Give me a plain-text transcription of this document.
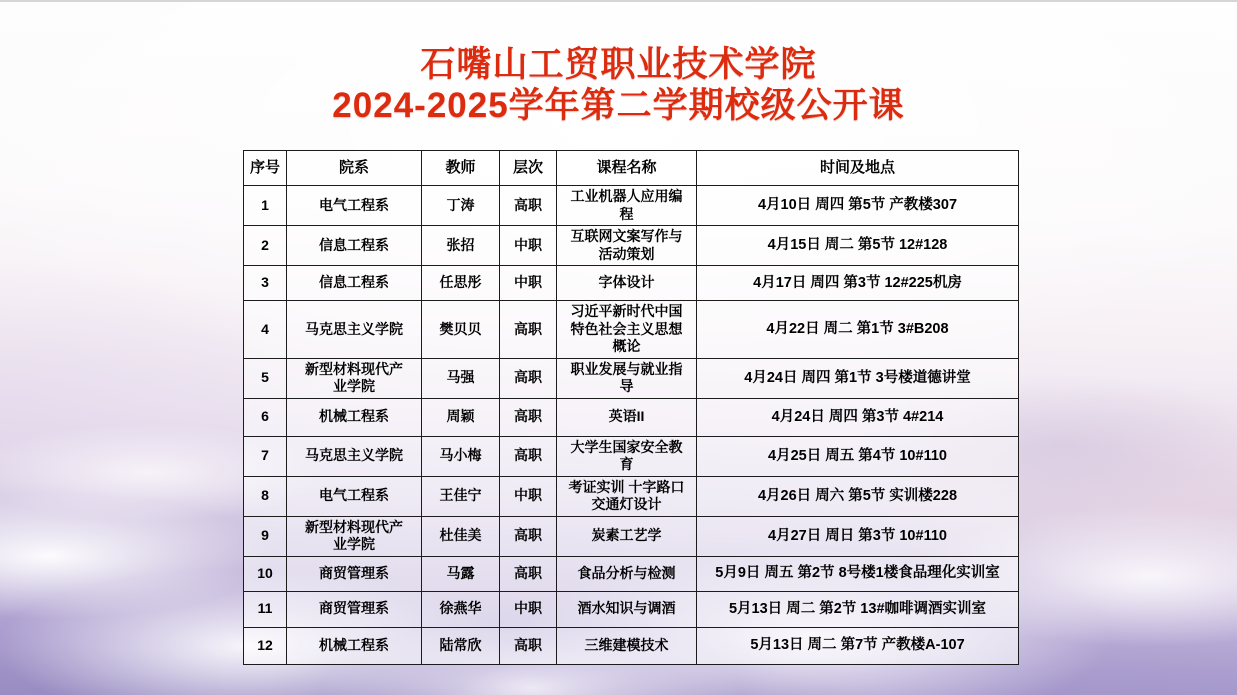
石嘴山工贸职业技术学院
2024-2025学年第二学期校级公开课
序号	院系	教师	层次	课程名称	时间及地点
1	电气工程系	丁涛	高职	工业机器人应用编程	4月10日 周四 第5节 产教楼307
2	信息工程系	张招	中职	互联网文案写作与活动策划	4月15日 周二 第5节 12#128
3	信息工程系	任思彤	中职	字体设计	4月17日 周四 第3节 12#225机房
4	马克思主义学院	樊贝贝	高职	习近平新时代中国特色社会主义思想概论	4月22日 周二 第1节 3#B208
5	新型材料现代产业学院	马强	高职	职业发展与就业指导	4月24日 周四 第1节 3号楼道德讲堂
6	机械工程系	周颖	高职	英语II	4月24日 周四 第3节 4#214
7	马克思主义学院	马小梅	高职	大学生国家安全教育	4月25日 周五 第4节 10#110
8	电气工程系	王佳宁	中职	考证实训 十字路口交通灯设计	4月26日 周六 第5节 实训楼228
9	新型材料现代产业学院	杜佳美	高职	炭素工艺学	4月27日 周日 第3节 10#110
10	商贸管理系	马露	高职	食品分析与检测	5月9日 周五 第2节 8号楼1楼食品理化实训室
11	商贸管理系	徐燕华	中职	酒水知识与调酒	5月13日 周二 第2节 13#咖啡调酒实训室
12	机械工程系	陆常欣	高职	三维建模技术	5月13日 周二 第7节 产教楼A-107
